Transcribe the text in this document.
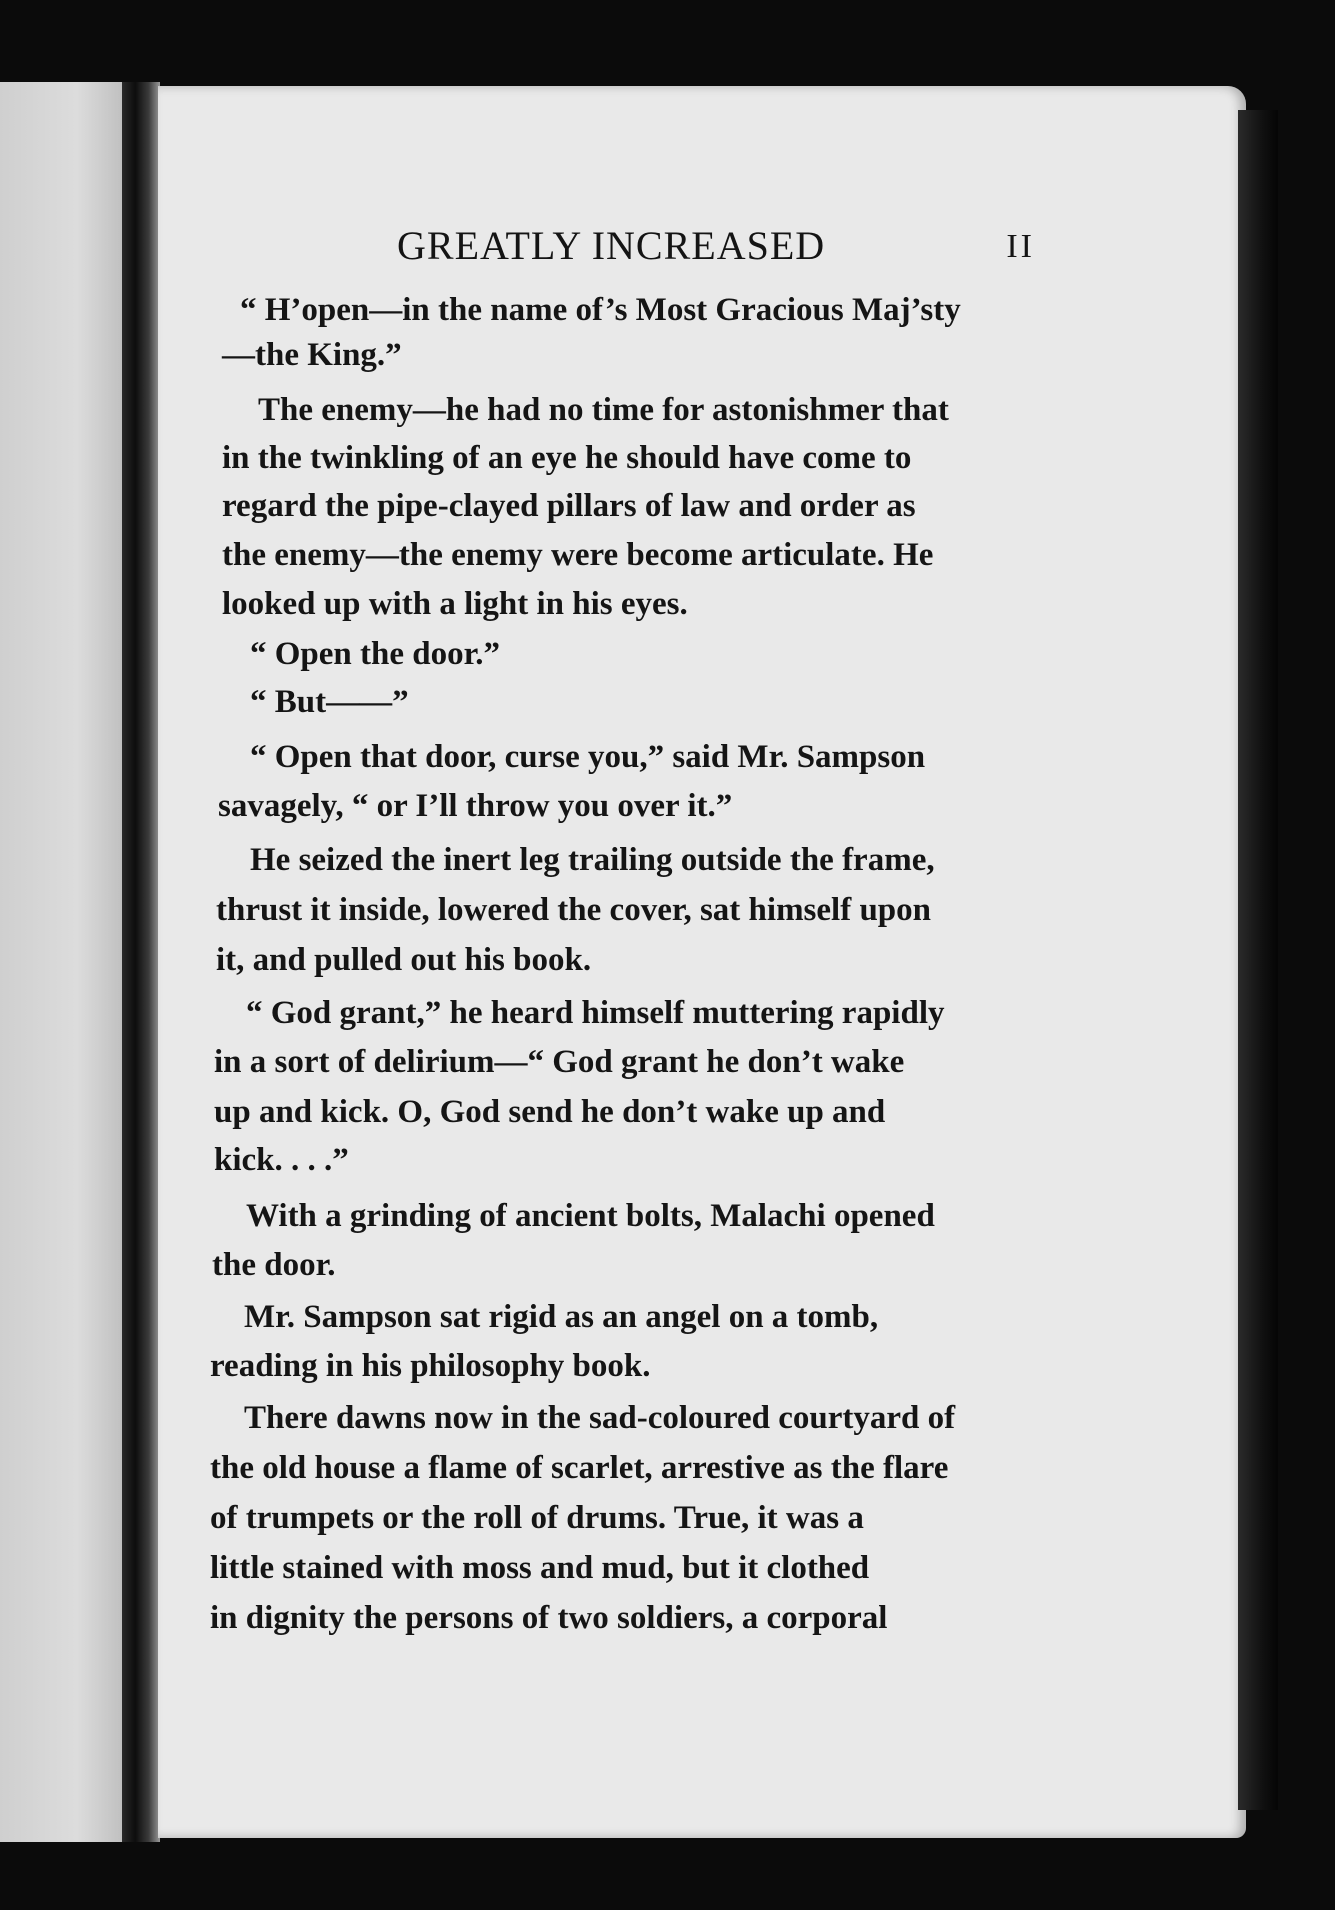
GREATLY INCREASED	II
“ H’open—in the name of’s Most Gracious Maj’sty
—the King.”
The enemy—he had no time for astonishmer that
in the twinkling of an eye he should have come to
regard the pipe-clayed pillars of law and order as
the enemy—the enemy were become articulate. He
looked up with a light in his eyes.
“ Open the door.”
“ But——”
“ Open that door, curse you,” said Mr. Sampson
savagely, “ or I’ll throw you over it.”
He seized the inert leg trailing outside the frame,
thrust it inside, lowered the cover, sat himself upon
it, and pulled out his book.
“ God grant,” he heard himself muttering rapidly
in a sort of delirium—“ God grant he don’t wake
up and kick. O, God send he don’t wake up and
kick. . . .”
With a grinding of ancient bolts, Malachi opened
the door.
Mr. Sampson sat rigid as an angel on a tomb,
reading in his philosophy book.
There dawns now in the sad-coloured courtyard of
the old house a flame of scarlet, arrestive as the flare
of trumpets or the roll of drums. True, it was a
little stained with moss and mud, but it clothed
in dignity the persons of two soldiers, a corporal
